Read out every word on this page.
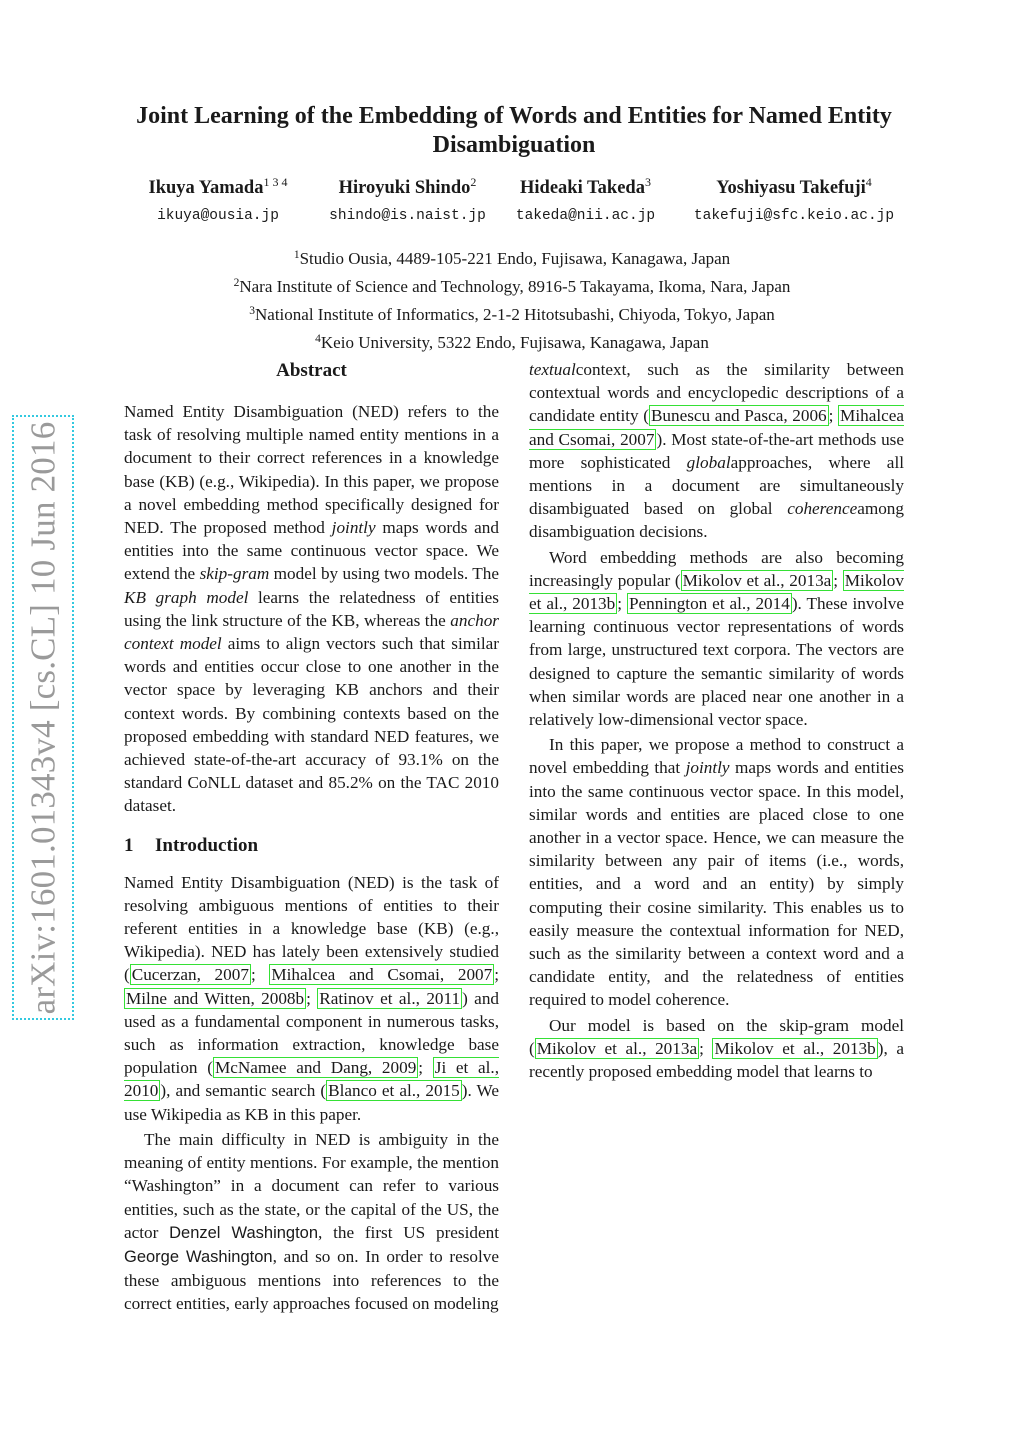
arXiv:1601.01343v4 [cs.CL] 10 Jun 2016
Joint Learning of the Embedding of Words and Entities for Named Entity Disambiguation
Ikuya Yamada$^{1 3 4}$
ikuya@ousia.jp
Hiroyuki Shindo$^2$
shindo@is.naist.jp
Hideaki Takeda$^3$
takeda@nii.ac.jp
Yoshiyasu Takefuji$^4$
takefuji@sfc.keio.ac.jp
$^1$Studio Ousia, 4489-105-221 Endo, Fujisawa, Kanagawa, Japan
$^2$Nara Institute of Science and Technology, 8916-5 Takayama, Ikoma, Nara, Japan
$^3$National Institute of Informatics, 2-1-2 Hitotsubashi, Chiyoda, Tokyo, Japan
$^4$Keio University, 5322 Endo, Fujisawa, Kanagawa, Japan
Abstract

Named Entity Disambiguation (NED) refers to the task of resolving multiple named entity mentions in a document to their correct references in a knowledge base (KB) (e.g., Wikipedia). In this paper, we propose a novel embedding method specifically designed for NED. The proposed method jointly maps words and entities into the same continuous vector space. We extend the skip-gram model by using two models. The KB graph model learns the relatedness of entities using the link structure of the KB, whereas the anchor context model aims to align vectors such that similar words and entities occur close to one another in the vector space by leveraging KB anchors and their context words. By combining contexts based on the proposed embedding with standard NED features, we achieved state-of-the-art accuracy of 93.1% on the standard CoNLL dataset and 85.2% on the TAC 2010 dataset.

1 Introduction

Named Entity Disambiguation (NED) is the task of resolving ambiguous mentions of entities to their referent entities in a knowledge base (KB) (e.g., Wikipedia). NED has lately been extensively studied ( Cucerzan, 2007 ; Mihalcea and Csomai, 2007 ; Milne and Witten, 2008b ; Ratinov et al., 2011 ) and used as a fundamental component in numerous tasks, such as information extraction, knowledge base population ( McNamee and Dang, 2009 ; Ji et al., 2010 ), and semantic search ( Blanco et al., 2015 ). We use Wikipedia as KB in this paper.

The main difficulty in NED is ambiguity in the meaning of entity mentions. For example, the mention “Washington” in a document can refer to various entities, such as the state, or the capital of the US, the actor Denzel Washington, the first US president George Washington, and so on. In order to resolve these ambiguous mentions into references to the correct entities, early approaches focused on modeling

textualcontext, such as the similarity between contextual words and encyclopedic descriptions of a candidate entity ( Bunescu and Pasca, 2006 ; Mihalcea and Csomai, 2007 ). Most state-of-the-art methods use more sophisticated globalapproaches, where all mentions in a document are simultaneously disambiguated based on global coherenceamong disambiguation decisions.

Word embedding methods are also becoming increasingly popular ( Mikolov et al., 2013a ; Mikolov et al., 2013b ; Pennington et al., 2014 ). These involve learning continuous vector representations of words from large, unstructured text corpora. The vectors are designed to capture the semantic similarity of words when similar words are placed near one another in a relatively low-dimensional vector space.

In this paper, we propose a method to construct a novel embedding that jointly maps words and entities into the same continuous vector space. In this model, similar words and entities are placed close to one another in a vector space. Hence, we can measure the similarity between any pair of items (i.e., words, entities, and a word and an entity) by simply computing their cosine similarity. This enables us to easily measure the contextual information for NED, such as the similarity between a context word and a candidate entity, and the relatedness of entities required to model coherence.

Our model is based on the skip-gram model ( Mikolov et al., 2013a ; Mikolov et al., 2013b ), a recently proposed embedding model that learns to
